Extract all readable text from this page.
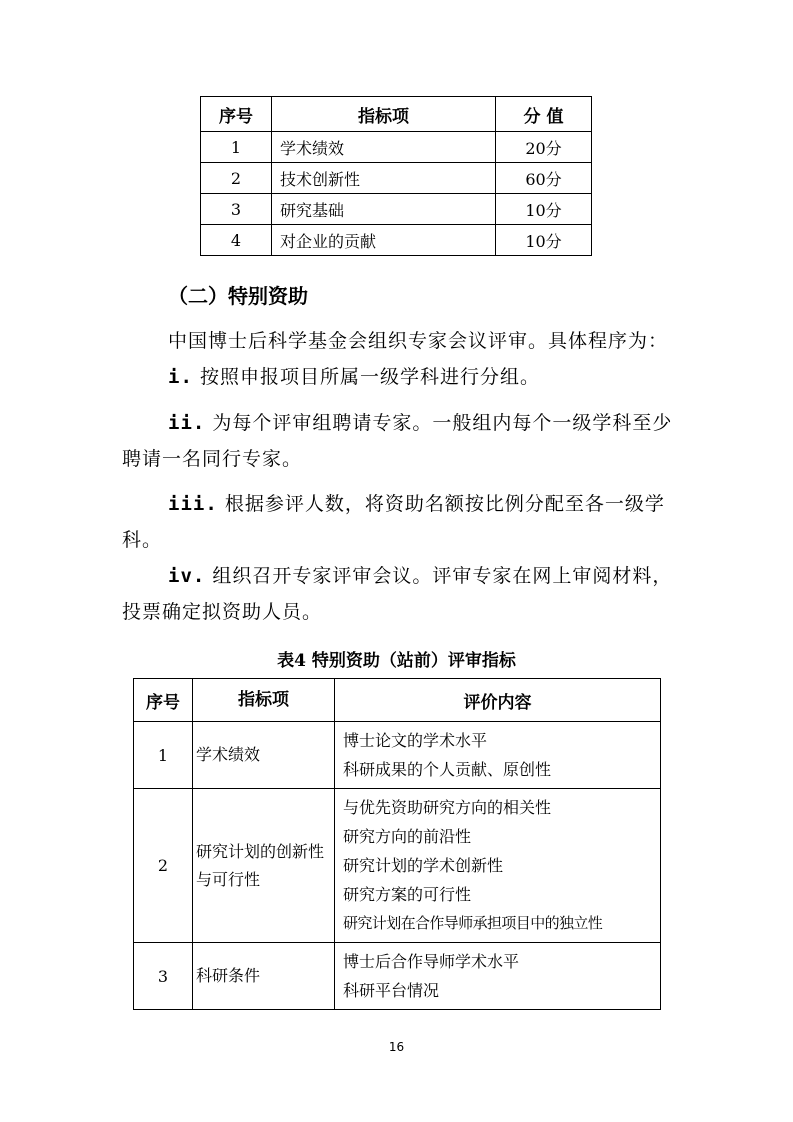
序号	指标项	分 值
1	学术绩效	20分
2	技术创新性	60分
3	研究基础	10分
4	对企业的贡献	10分
（二）特别资助

中国博士后科学基金会组织专家会议评审。具体程序为：

i. 按照申报项目所属一级学科进行分组。

ii. 为每个评审组聘请专家。一般组内每个一级学科至少聘请一名同行专家。

iii. 根据参评人数，将资助名额按比例分配至各一级学科。

iv. 组织召开专家评审会议。评审专家在网上审阅材料，投票确定拟资助人员。

表4 特别资助（站前）评审指标
序号	指标项	评价内容
1	学术绩效	博士论文的学术水平
科研成果的个人贡献、原创性

2	研究计划的创新性与可行性	与优先资助研究方向的相关性
研究方向的前沿性
研究计划的学术创新性
研究方案的可行性
研究计划在合作导师承担项目中的独立性

3	科研条件	博士后合作导师学术水平
科研平台情况
16
